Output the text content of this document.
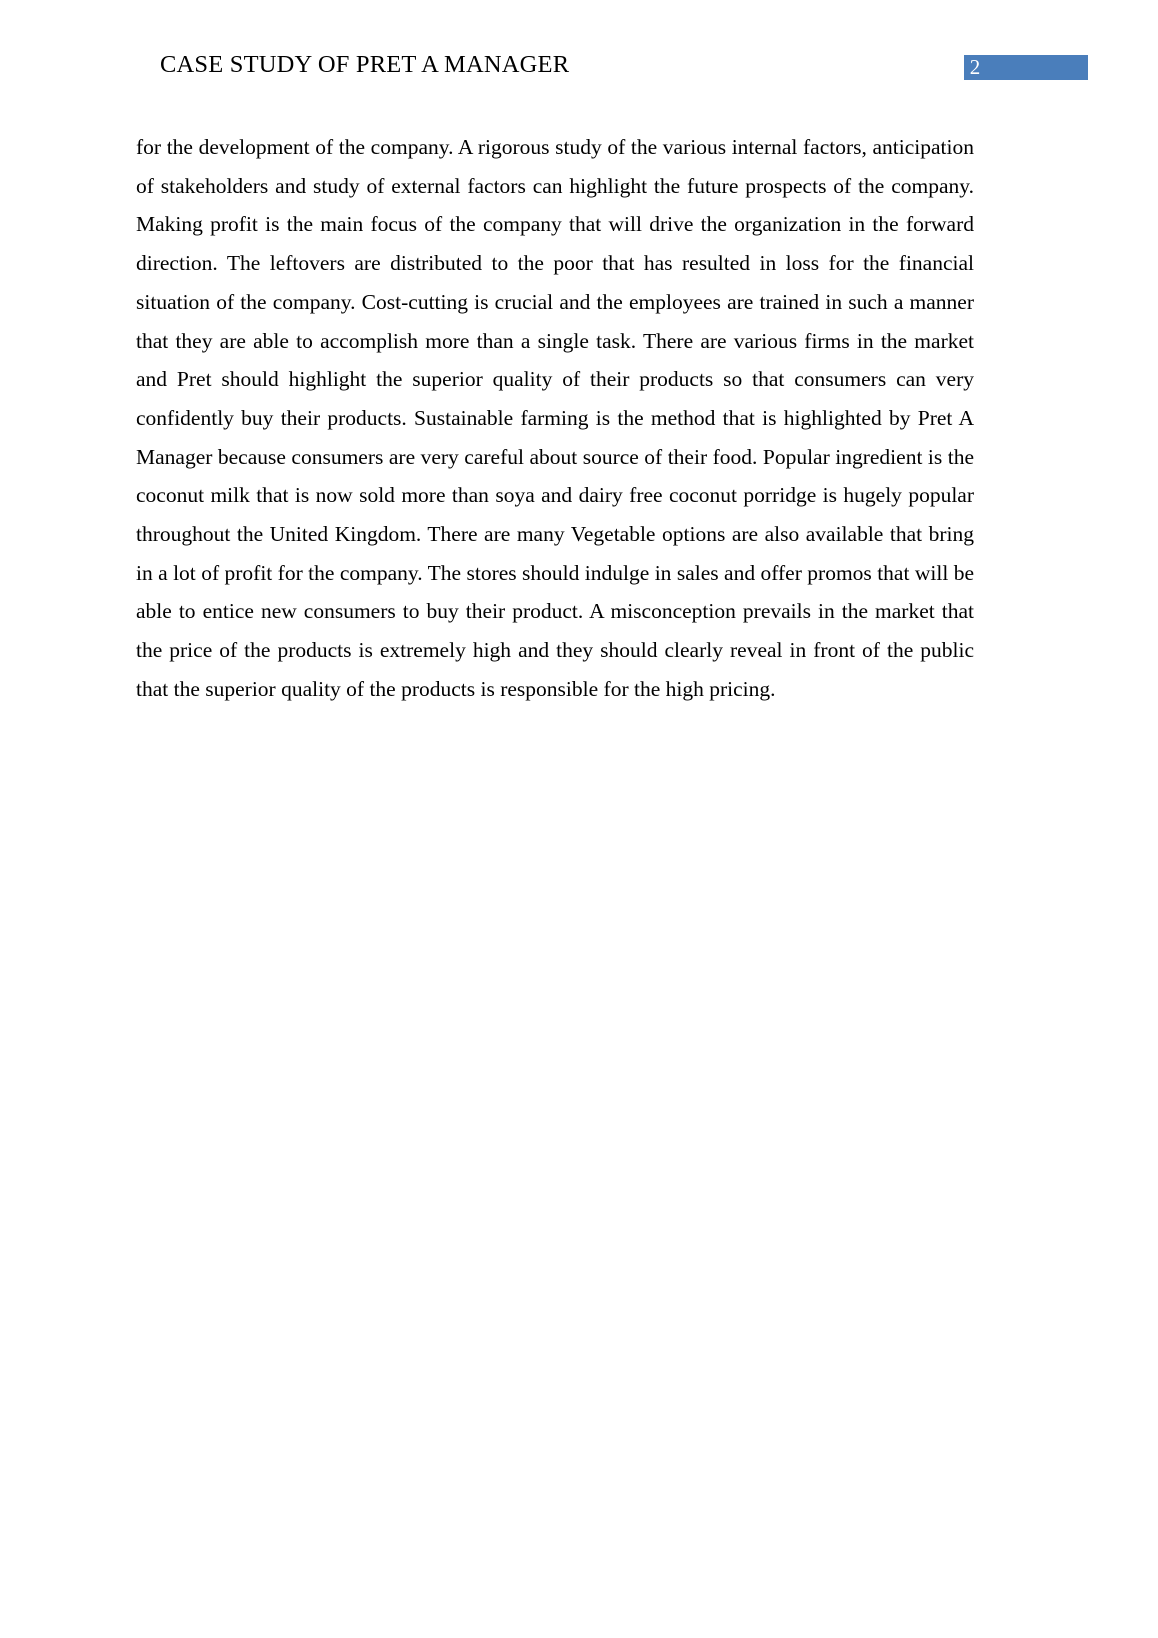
CASE STUDY OF PRET A MANAGER	2

for the development of the company. A rigorous study of the various internal factors, anticipation of stakeholders and study of external factors can highlight the future prospects of the company. Making profit is the main focus of the company that will drive the organization in the forward direction. The leftovers are distributed to the poor that has resulted in loss for the financial situation of the company. Cost-cutting is crucial and the employees are trained in such a manner that they are able to accomplish more than a single task. There are various firms in the market and Pret should highlight the superior quality of their products so that consumers can very confidently buy their products. Sustainable farming is the method that is highlighted by Pret A Manager because consumers are very careful about source of their food. Popular ingredient is the coconut milk that is now sold more than soya and dairy free coconut porridge is hugely popular throughout the United Kingdom. There are many Vegetable options are also available that bring in a lot of profit for the company. The stores should indulge in sales and offer promos that will be able to entice new consumers to buy their product. A misconception prevails in the market that the price of the products is extremely high and they should clearly reveal in front of the public that the superior quality of the products is responsible for the high pricing.
